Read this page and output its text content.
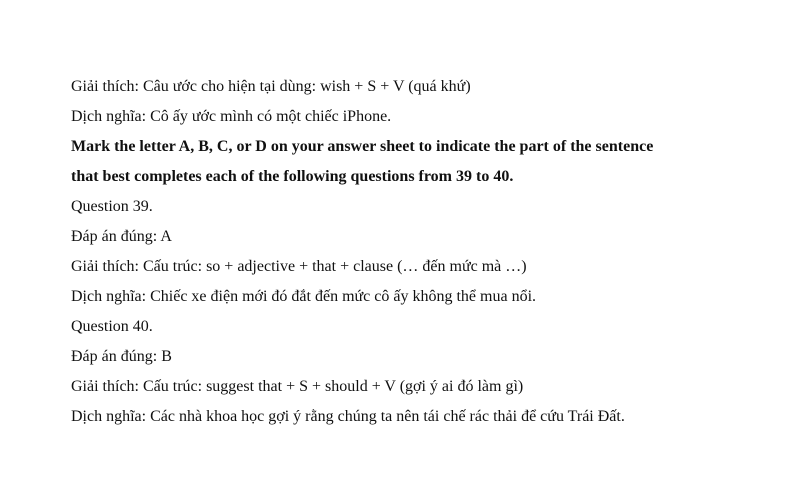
Giải thích: Câu ước cho hiện tại dùng: wish + S + V (quá khứ)
Dịch nghĩa: Cô ấy ước mình có một chiếc iPhone.
Mark the letter A, B, C, or D on your answer sheet to indicate the part of the sentence
that best completes each of the following questions from 39 to 40.
Question 39.
Đáp án đúng: A
Giải thích: Cấu trúc: so + adjective + that + clause (… đến mức mà …)
Dịch nghĩa: Chiếc xe điện mới đó đắt đến mức cô ấy không thể mua nổi.
Question 40.
Đáp án đúng: B
Giải thích: Cấu trúc: suggest that + S + should + V (gợi ý ai đó làm gì)
Dịch nghĩa: Các nhà khoa học gợi ý rằng chúng ta nên tái chế rác thải để cứu Trái Đất.
